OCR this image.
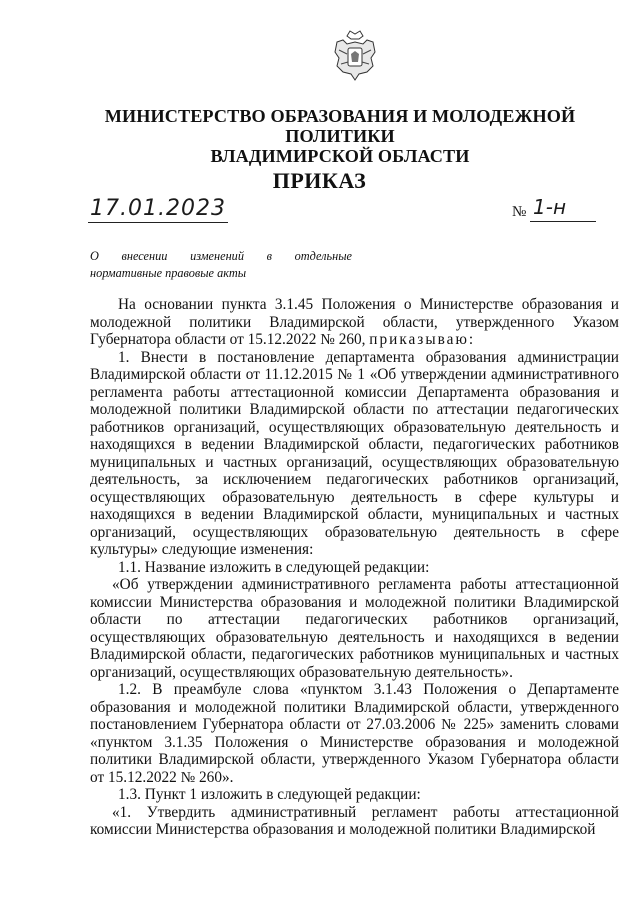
МИНИСТЕРСТВО ОБРАЗОВАНИЯ И МОЛОДЕЖНОЙ ПОЛИТИКИ
ВЛАДИМИРСКОЙ ОБЛАСТИ
ПРИКАЗ
17.01.2023	№ 1-н
О внесении изменений в отдельные
нормативные правовые акты

На основании пункта 3.1.45 Положения о Министерстве образования и молодежной политики Владимирской области, утвержденного Указом Губернатора области от 15.12.2022 № 260, приказываю:

1. Внести в постановление департамента образования администрации Владимирской области от 11.12.2015 № 1 «Об утверждении административного регламента работы аттестационной комиссии Департамента образования и молодежной политики Владимирской области по аттестации педагогических работников организаций, осуществляющих образовательную деятельность и находящихся в ведении Владимирской области, педагогических работников муниципальных и частных организаций, осуществляющих образовательную деятельность, за исключением педагогических работников организаций, осуществляющих образовательную деятельность в сфере культуры и находящихся в ведении Владимирской области, муниципальных и частных организаций, осуществляющих образовательную деятельность в сфере культуры» следующие изменения:

1.1. Название изложить в следующей редакции:

«Об утверждении административного регламента работы аттестационной комиссии Министерства образования и молодежной политики Владимирской области по аттестации педагогических работников организаций, осуществляющих образовательную деятельность и находящихся в ведении Владимирской области, педагогических работников муниципальных и частных организаций, осуществляющих образовательную деятельность».

1.2. В преамбуле слова «пунктом 3.1.43 Положения о Департаменте образования и молодежной политики Владимирской области, утвержденного постановлением Губернатора области от 27.03.2006 № 225» заменить словами «пунктом 3.1.35 Положения о Министерстве образования и молодежной политики Владимирской области, утвержденного Указом Губернатора области от 15.12.2022 № 260».

1.3. Пункт 1 изложить в следующей редакции:

«1. Утвердить административный регламент работы аттестационной комиссии Министерства образования и молодежной политики Владимирской
